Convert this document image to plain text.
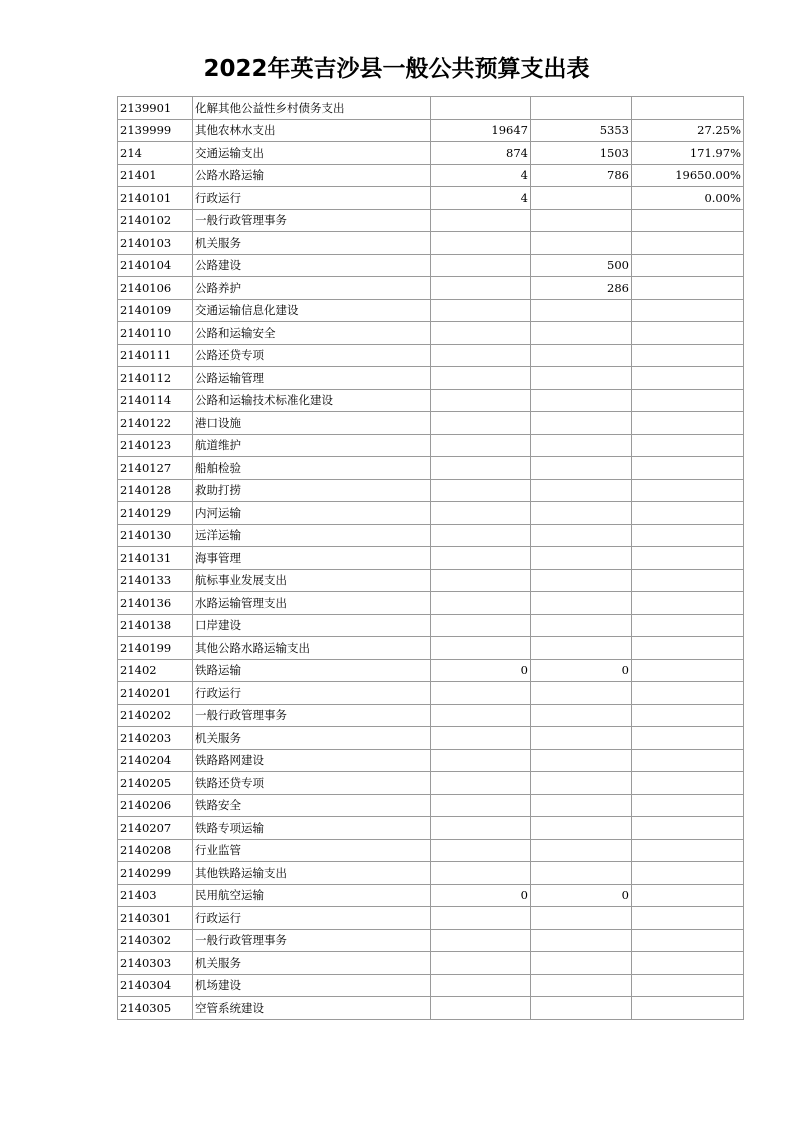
2022年英吉沙县一般公共预算支出表
2139901	化解其他公益性乡村债务支出			
2139999	其他农林水支出	19647	5353	27.25%
214	交通运输支出	874	1503	171.97%
21401	公路水路运输	4	786	19650.00%
2140101	行政运行	4		0.00%
2140102	一般行政管理事务			
2140103	机关服务			
2140104	公路建设		500	
2140106	公路养护		286	
2140109	交通运输信息化建设			
2140110	公路和运输安全			
2140111	公路还贷专项			
2140112	公路运输管理			
2140114	公路和运输技术标准化建设			
2140122	港口设施			
2140123	航道维护			
2140127	船舶检验			
2140128	救助打捞			
2140129	内河运输			
2140130	远洋运输			
2140131	海事管理			
2140133	航标事业发展支出			
2140136	水路运输管理支出			
2140138	口岸建设			
2140199	其他公路水路运输支出			
21402	铁路运输	0	0	
2140201	行政运行			
2140202	一般行政管理事务			
2140203	机关服务			
2140204	铁路路网建设			
2140205	铁路还贷专项			
2140206	铁路安全			
2140207	铁路专项运输			
2140208	行业监管			
2140299	其他铁路运输支出			
21403	民用航空运输	0	0	
2140301	行政运行			
2140302	一般行政管理事务			
2140303	机关服务			
2140304	机场建设			
2140305	空管系统建设			
